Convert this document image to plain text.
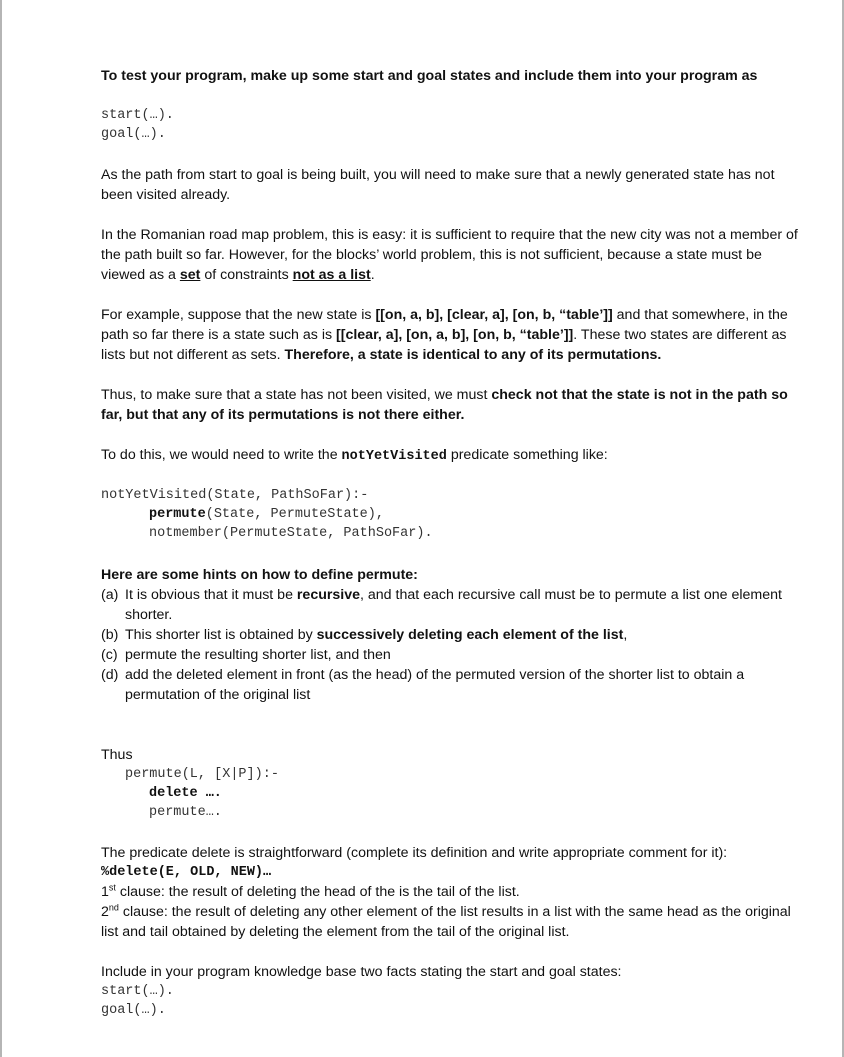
To test your program, make up some start and goal states and include them into your program as

start(…).
goal(…).

As the path from start to goal is being built, you will need to make sure that a newly generated state has not been visited already.

In the Romanian road map problem, this is easy: it is sufficient to require that the new city was not a member of the path built so far. However, for the blocks’ world problem, this is not sufficient, because a state must be viewed as a set of constraints not as a list.

For example, suppose that the new state is [[on, a, b], [clear, a], [on, b, “table’]] and that somewhere, in the path so far there is a state such as is [[clear, a], [on, a, b], [on, b, “table’]]. These two states are different as lists but not different as sets. Therefore, a state is identical to any of its permutations.

Thus, to make sure that a state has not been visited, we must check not that the state is not in the path so far, but that any of its permutations is not there either.

To do this, we would need to write the notYetVisited predicate something like:

notYetVisited(State, PathSoFar):-
permute(State, PermuteState),
notmember(PermuteState, PathSoFar).

Here are some hints on how to define permute:

(a) It is obvious that it must be recursive, and that each recursive call must be to permute a list one element shorter.
(b) This shorter list is obtained by successively deleting each element of the list,
(c) permute the resulting shorter list, and then
(d) add the deleted element in front (as the head) of the permuted version of the shorter list to obtain a permutation of the original list

Thus

permute(L, [X|P]):-
delete ….
permute….

The predicate delete is straightforward (complete its definition and write appropriate comment for it):

%delete(E, OLD, NEW)…

1st clause: the result of deleting the head of the is the tail of the list.

2nd clause: the result of deleting any other element of the list results in a list with the same head as the original list and tail obtained by deleting the element from the tail of the original list.

Include in your program knowledge base two facts stating the start and goal states:

start(…).
goal(…).
